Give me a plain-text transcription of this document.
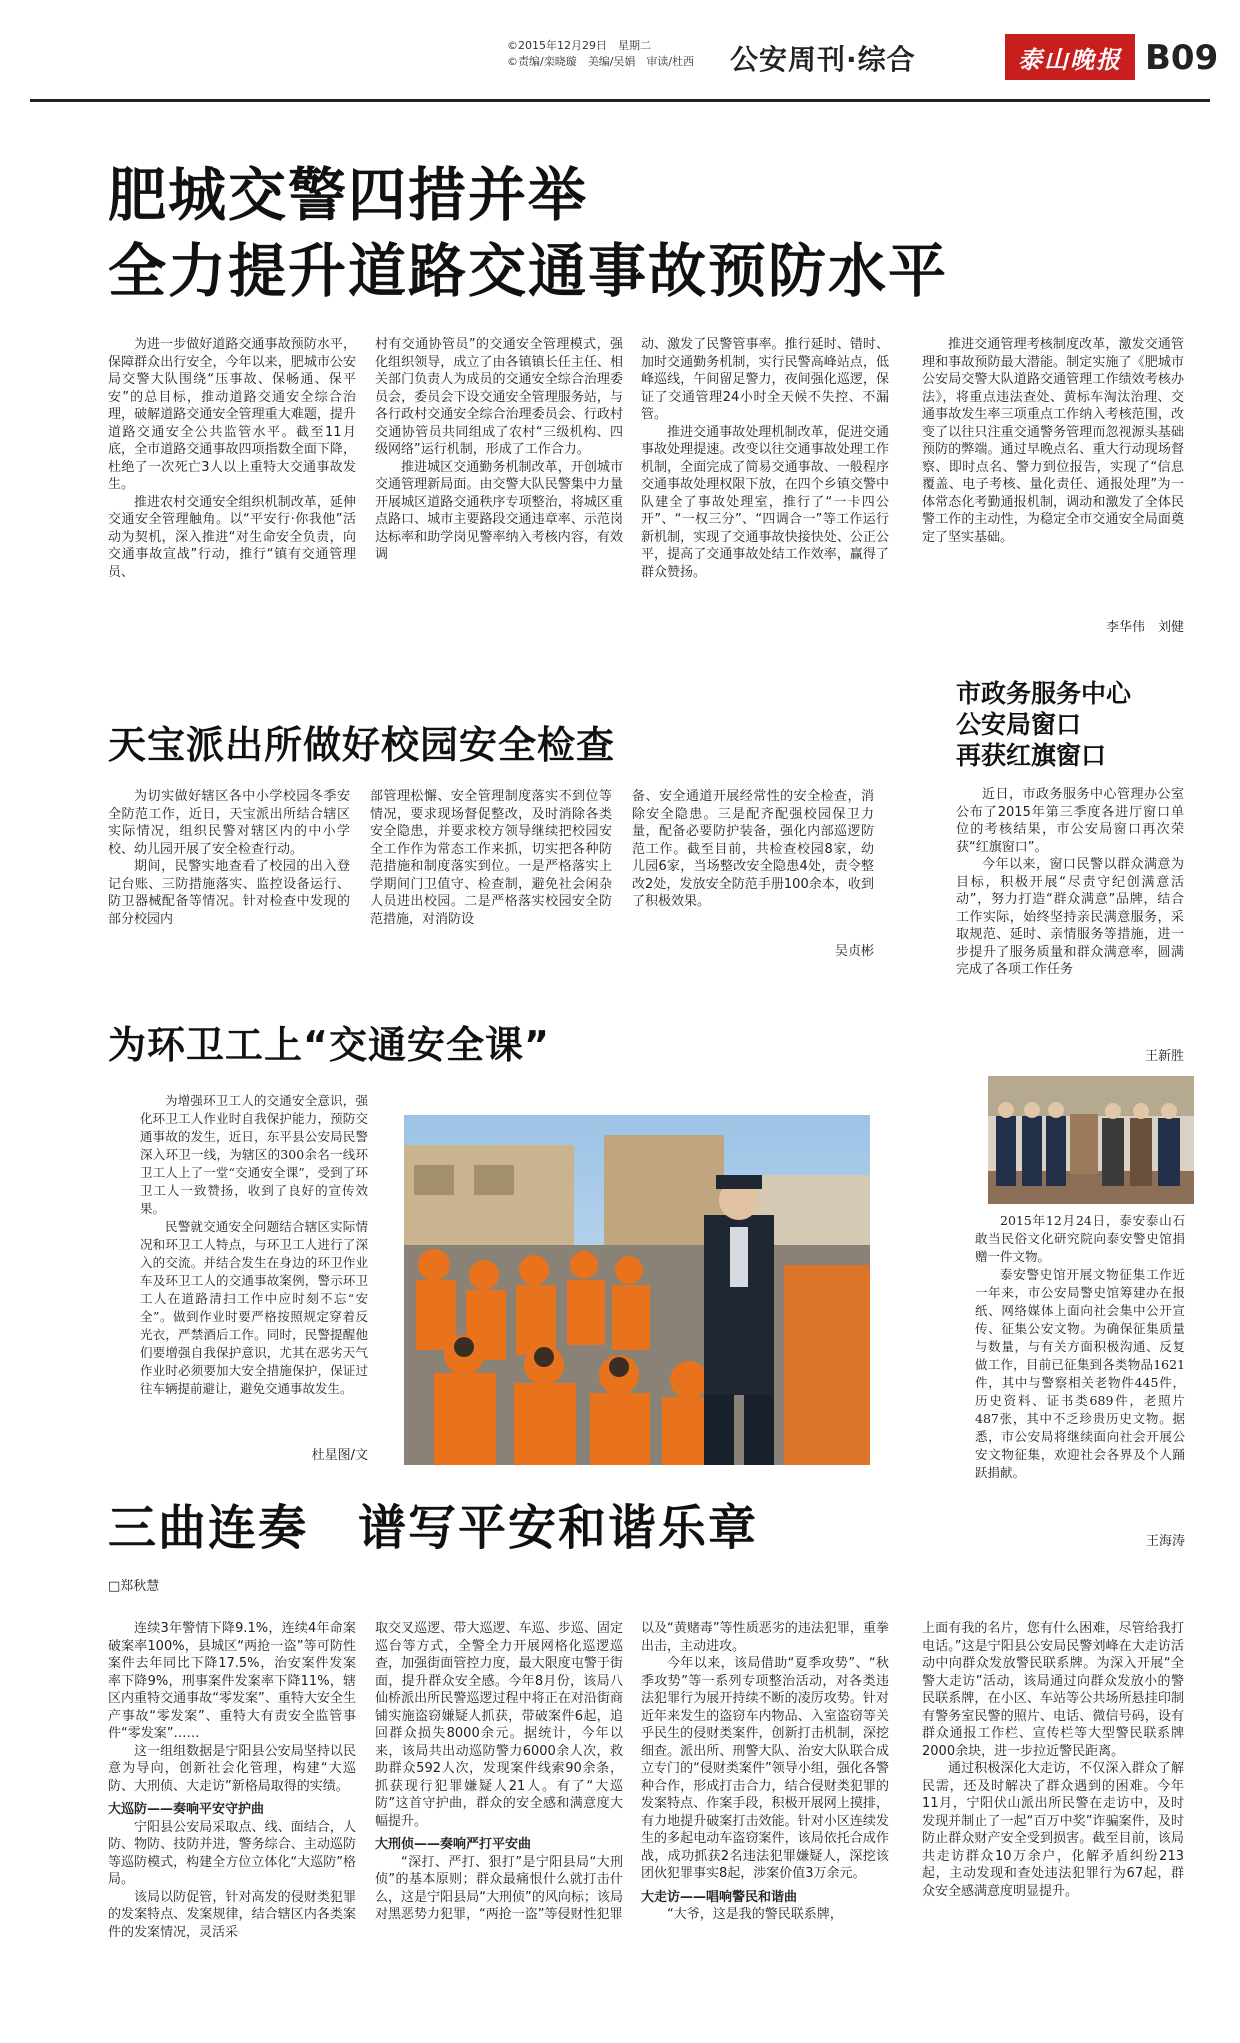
©2015年12月29日　星期二
©责编/栾晓璇　美编/吴娟　审读/杜西	公安周刊·综合	泰山晚报 B09
肥城交警四措并举
全力提升道路交通事故预防水平

为进一步做好道路交通事故预防水平，保障群众出行安全，今年以来，肥城市公安局交警大队围绕“压事故、保畅通、保平安”的总目标，推动道路交通安全综合治理，破解道路交通安全管理重大难题，提升道路交通安全公共监管水平。截至11月底，全市道路交通事故四项指数全面下降，杜绝了一次死亡3人以上重特大交通事故发生。

推进农村交通安全组织机制改革，延伸交通安全管理触角。以“平安行·你我他”活动为契机，深入推进“对生命安全负责，向交通事故宣战”行动，推行“镇有交通管理员、

村有交通协管员”的交通安全管理模式，强化组织领导，成立了由各镇镇长任主任、相关部门负责人为成员的交通安全综合治理委员会，委员会下设交通安全管理服务站，与各行政村交通安全综合治理委员会、行政村交通协管员共同组成了农村“三级机构、四级网络”运行机制，形成了工作合力。

推进城区交通勤务机制改革，开创城市交通管理新局面。由交警大队民警集中力量开展城区道路交通秩序专项整治，将城区重点路口、城市主要路段交通违章率、示范岗达标率和助学岗见警率纳入考核内容，有效调

动、激发了民警管事率。推行延时、错时、加时交通勤务机制，实行民警高峰站点，低峰巡线，午间留足警力，夜间强化巡逻，保证了交通管理24小时全天候不失控、不漏管。

推进交通事故处理机制改革，促进交通事故处理提速。改变以往交通事故处理工作机制，全面完成了简易交通事故、一般程序交通事故处理权限下放，在四个乡镇交警中队建全了事故处理室，推行了“一卡四公开”、“一权三分”、“四调合一”等工作运行新机制，实现了交通事故快接快处、公正公平，提高了交通事故处结工作效率，赢得了群众赞扬。

推进交通管理考核制度改革，激发交通管理和事故预防最大潜能。制定实施了《肥城市公安局交警大队道路交通管理工作绩效考核办法》，将重点违法查处、黄标车淘汰治理、交通事故发生率三项重点工作纳入考核范围，改变了以往只注重交通警务管理而忽视源头基础预防的弊端。通过早晚点名、重大行动现场督察、即时点名、警力到位报告，实现了“信息覆盖、电子考核、量化责任、通报处理”为一体常态化考勤通报机制，调动和激发了全体民警工作的主动性，为稳定全市交通安全局面奠定了坚实基础。

李华伟　刘健
天宝派出所做好校园安全检查

为切实做好辖区各中小学校园冬季安全防范工作，近日，天宝派出所结合辖区实际情况，组织民警对辖区内的中小学校、幼儿园开展了安全检查行动。

期间，民警实地查看了校园的出入登记台账、三防措施落实、监控设备运行、防卫器械配备等情况。针对检查中发现的部分校园内

部管理松懈、安全管理制度落实不到位等情况，要求现场督促整改，及时消除各类安全隐患，并要求校方领导继续把校园安全工作作为常态工作来抓，切实把各种防范措施和制度落实到位。一是严格落实上学期间门卫值守、检查制，避免社会闲杂人员进出校园。二是严格落实校园安全防范措施，对消防设

备、安全通道开展经常性的安全检查，消除安全隐患。三是配齐配强校园保卫力量，配备必要防护装备，强化内部巡逻防范工作。截至目前，共检查校园8家，幼儿园6家，当场整改安全隐患4处，责令整改2处，发放安全防范手册100余本，收到了积极效果。

吴贞彬
市政务服务中心
公安局窗口
再获红旗窗口

近日，市政务服务中心管理办公室公布了2015年第三季度各进厅窗口单位的考核结果，市公安局窗口再次荣获“红旗窗口”。

今年以来，窗口民警以群众满意为目标，积极开展“尽责守纪创满意活动”，努力打造“群众满意”品牌，结合工作实际，始终坚持亲民满意服务，采取规范、延时、亲情服务等措施，进一步提升了服务质量和群众满意率，圆满完成了各项工作任务

王新胜
为环卫工上“交通安全课”

为增强环卫工人的交通安全意识，强化环卫工人作业时自我保护能力，预防交通事故的发生，近日，东平县公安局民警深入环卫一线，为辖区的300余名一线环卫工人上了一堂“交通安全课”，受到了环卫工人一致赞扬，收到了良好的宣传效果。

民警就交通安全问题结合辖区实际情况和环卫工人特点，与环卫工人进行了深入的交流。并结合发生在身边的环卫作业车及环卫工人的交通事故案例，警示环卫工人在道路清扫工作中应时刻不忘“安全”。做到作业时要严格按照规定穿着反光衣，严禁酒后工作。同时，民警提醒他们要增强自我保护意识，尤其在恶劣天气作业时必须要加大安全措施保护，保证过往车辆提前避让，避免交通事故发生。

杜星图/文

2015年12月24日，泰安泰山石敢当民俗文化研究院向泰安警史馆捐赠一件文物。

泰安警史馆开展文物征集工作近一年来，市公安局警史馆筹建办在报纸、网络媒体上面向社会集中公开宣传、征集公安文物。为确保征集质量与数量，与有关方面积极沟通、反复做工作，目前已征集到各类物品1621件，其中与警察相关老物件445件，历史资料、证书类689件，老照片487张，其中不乏珍贵历史文物。据悉，市公安局将继续面向社会开展公安文物征集，欢迎社会各界及个人踊跃捐献。

王海涛
三曲连奏　谱写平安和谐乐章
□郑秋慧

连续3年警情下降9.1%，连续4年命案破案率100%，县城区“两抢一盗”等可防性案件去年同比下降17.5%，治安案件发案率下降9%，刑事案件发案率下降11%，辖区内重特交通事故“零发案”、重特大安全生产事故“零发案”、重特大有责安全监管事件“零发案”……

这一组组数据是宁阳县公安局坚持以民意为导向，创新社会化管理，构建“大巡防、大刑侦、大走访”新格局取得的实绩。

大巡防——奏响平安守护曲

宁阳县公安局采取点、线、面结合，人防、物防、技防并进，警务综合、主动巡防等巡防模式，构建全方位立体化“大巡防”格局。

该局以防促管，针对高发的侵财类犯罪的发案特点、发案规律，结合辖区内各类案件的发案情况，灵活采

取交叉巡逻、带大巡逻、车巡、步巡、固定巡台等方式，全警全力开展网格化巡逻巡查，加强街面管控力度，最大限度屯警于街面，提升群众安全感。今年8月份，该局八仙桥派出所民警巡逻过程中将正在对沿街商铺实施盗窃嫌疑人抓获，带破案件6起，追回群众损失8000余元。据统计，今年以来，该局共出动巡防警力6000余人次，救助群众592人次，发现案件线索90余条，抓获现行犯罪嫌疑人21人。有了“大巡防”这首守护曲，群众的安全感和满意度大幅提升。

大刑侦——奏响严打平安曲

“深打、严打、狠打”是宁阳县局“大刑侦”的基本原则；群众最痛恨什么就打击什么，这是宁阳县局“大刑侦”的风向标；该局对黑恶势力犯罪，“两抢一盗”等侵财性犯罪

以及“黄赌毒”等性质恶劣的违法犯罪，重拳出击，主动进攻。

今年以来，该局借助“夏季攻势”、“秋季攻势”等一系列专项整治活动，对各类违法犯罪行为展开持续不断的凌厉攻势。针对近年来发生的盗窃车内物品、入室盗窃等关乎民生的侵财类案件，创新打击机制，深挖细查。派出所、刑警大队、治安大队联合成立专门的“侵财类案件”领导小组，强化各警种合作，形成打击合力，结合侵财类犯罪的发案特点、作案手段，积极开展网上摸排，有力地提升破案打击效能。针对小区连续发生的多起电动车盗窃案件，该局依托合成作战，成功抓获2名违法犯罪嫌疑人，深挖该团伙犯罪事实8起，涉案价值3万余元。

大走访——唱响警民和谐曲

“大爷，这是我的警民联系牌，

上面有我的名片，您有什么困难，尽管给我打电话。”这是宁阳县公安局民警刘峰在大走访活动中向群众发放警民联系牌。为深入开展“全警大走访”活动，该局通过向群众发放小的警民联系牌，在小区、车站等公共场所悬挂印制有警务室民警的照片、电话、微信号码，设有群众通报工作栏、宣传栏等大型警民联系牌2000余块，进一步拉近警民距离。

通过积极深化大走访，不仅深入群众了解民需，还及时解决了群众遇到的困难。今年11月，宁阳伏山派出所民警在走访中，及时发现并制止了一起“百万中奖”诈骗案件，及时防止群众财产安全受到损害。截至目前，该局共走访群众10万余户，化解矛盾纠纷213起，主动发现和查处违法犯罪行为67起，群众安全感满意度明显提升。
